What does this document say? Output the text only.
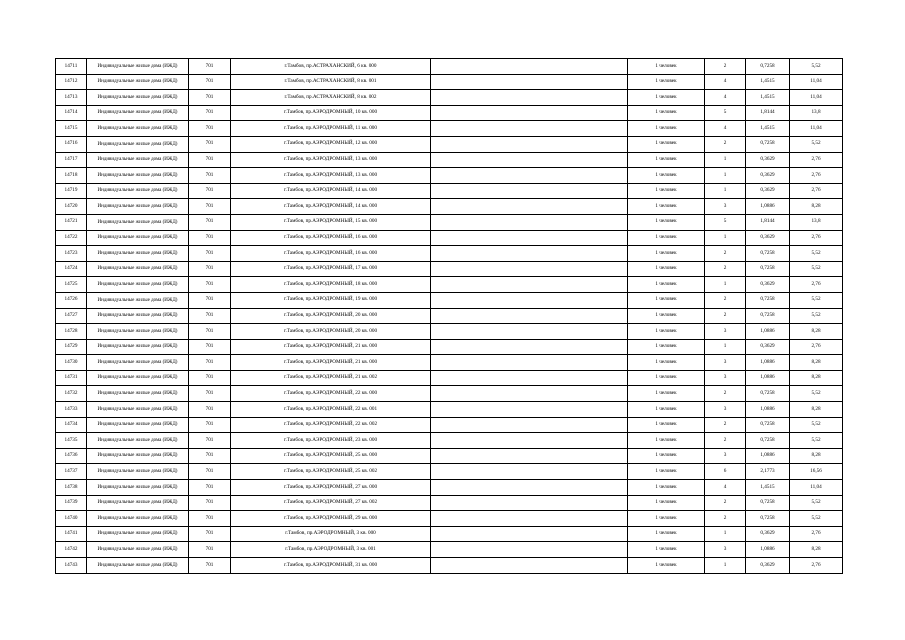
14711	Индивидуальные жилые дома (ИЖД)	701	г.Тамбов, пр.АСТРАХАНСКИЙ, 6 кв. 000		1 человек	2	0,7258	5,52
14712	Индивидуальные жилые дома (ИЖД)	701	г.Тамбов, пр.АСТРАХАНСКИЙ, 8 кв. 001		1 человек	4	1,4515	11,04
14713	Индивидуальные жилые дома (ИЖД)	701	г.Тамбов, пр.АСТРАХАНСКИЙ, 8 кв. 002		1 человек	4	1,4515	11,04
14714	Индивидуальные жилые дома (ИЖД)	701	г.Тамбов, пр.АЭРОДРОМНЫЙ, 10 кв. 000		1 человек	5	1,8144	13,8
14715	Индивидуальные жилые дома (ИЖД)	701	г.Тамбов, пр.АЭРОДРОМНЫЙ, 11 кв. 000		1 человек	4	1,4515	11,04
14716	Индивидуальные жилые дома (ИЖД)	701	г.Тамбов, пр.АЭРОДРОМНЫЙ, 12 кв. 000		1 человек	2	0,7258	5,52
14717	Индивидуальные жилые дома (ИЖД)	701	г.Тамбов, пр.АЭРОДРОМНЫЙ, 13 кв. 000		1 человек	1	0,3629	2,76
14718	Индивидуальные жилые дома (ИЖД)	701	г.Тамбов, пр.АЭРОДРОМНЫЙ, 13 кв. 000		1 человек	1	0,3629	2,76
14719	Индивидуальные жилые дома (ИЖД)	701	г.Тамбов, пр.АЭРОДРОМНЫЙ, 14 кв. 000		1 человек	1	0,3629	2,76
14720	Индивидуальные жилые дома (ИЖД)	701	г.Тамбов, пр.АЭРОДРОМНЫЙ, 14 кв. 000		1 человек	3	1,0886	8,28
14721	Индивидуальные жилые дома (ИЖД)	701	г.Тамбов, пр.АЭРОДРОМНЫЙ, 15 кв. 000		1 человек	5	1,8144	13,8
14722	Индивидуальные жилые дома (ИЖД)	701	г.Тамбов, пр.АЭРОДРОМНЫЙ, 16 кв. 000		1 человек	1	0,3629	2,76
14723	Индивидуальные жилые дома (ИЖД)	701	г.Тамбов, пр.АЭРОДРОМНЫЙ, 16 кв. 000		1 человек	2	0,7258	5,52
14724	Индивидуальные жилые дома (ИЖД)	701	г.Тамбов, пр.АЭРОДРОМНЫЙ, 17 кв. 000		1 человек	2	0,7258	5,52
14725	Индивидуальные жилые дома (ИЖД)	701	г.Тамбов, пр.АЭРОДРОМНЫЙ, 18 кв. 000		1 человек	1	0,3629	2,76
14726	Индивидуальные жилые дома (ИЖД)	701	г.Тамбов, пр.АЭРОДРОМНЫЙ, 19 кв. 000		1 человек	2	0,7258	5,52
14727	Индивидуальные жилые дома (ИЖД)	701	г.Тамбов, пр.АЭРОДРОМНЫЙ, 20 кв. 000		1 человек	2	0,7258	5,52
14728	Индивидуальные жилые дома (ИЖД)	701	г.Тамбов, пр.АЭРОДРОМНЫЙ, 20 кв. 000		1 человек	3	1,0886	8,28
14729	Индивидуальные жилые дома (ИЖД)	701	г.Тамбов, пр.АЭРОДРОМНЫЙ, 21 кв. 000		1 человек	1	0,3629	2,76
14730	Индивидуальные жилые дома (ИЖД)	701	г.Тамбов, пр.АЭРОДРОМНЫЙ, 21 кв. 000		1 человек	3	1,0886	8,28
14731	Индивидуальные жилые дома (ИЖД)	701	г.Тамбов, пр.АЭРОДРОМНЫЙ, 21 кв. 002		1 человек	3	1,0886	8,28
14732	Индивидуальные жилые дома (ИЖД)	701	г.Тамбов, пр.АЭРОДРОМНЫЙ, 22 кв. 000		1 человек	2	0,7258	5,52
14733	Индивидуальные жилые дома (ИЖД)	701	г.Тамбов, пр.АЭРОДРОМНЫЙ, 22 кв. 001		1 человек	3	1,0886	8,28
14734	Индивидуальные жилые дома (ИЖД)	701	г.Тамбов, пр.АЭРОДРОМНЫЙ, 22 кв. 002		1 человек	2	0,7258	5,52
14735	Индивидуальные жилые дома (ИЖД)	701	г.Тамбов, пр.АЭРОДРОМНЫЙ, 23 кв. 000		1 человек	2	0,7258	5,52
14736	Индивидуальные жилые дома (ИЖД)	701	г.Тамбов, пр.АЭРОДРОМНЫЙ, 25 кв. 000		1 человек	3	1,0886	8,28
14737	Индивидуальные жилые дома (ИЖД)	701	г.Тамбов, пр.АЭРОДРОМНЫЙ, 25 кв. 002		1 человек	6	2,1773	16,56
14738	Индивидуальные жилые дома (ИЖД)	701	г.Тамбов, пр.АЭРОДРОМНЫЙ, 27 кв. 000		1 человек	4	1,4515	11,04
14739	Индивидуальные жилые дома (ИЖД)	701	г.Тамбов, пр.АЭРОДРОМНЫЙ, 27 кв. 002		1 человек	2	0,7258	5,52
14740	Индивидуальные жилые дома (ИЖД)	701	г.Тамбов, пр.АЭРОДРОМНЫЙ, 29 кв. 000		1 человек	2	0,7258	5,52
14741	Индивидуальные жилые дома (ИЖД)	701	г.Тамбов, пр.АЭРОДРОМНЫЙ, 3 кв. 000		1 человек	1	0,3629	2,76
14742	Индивидуальные жилые дома (ИЖД)	701	г.Тамбов, пр.АЭРОДРОМНЫЙ, 3 кв. 001		1 человек	3	1,0886	8,28
14743	Индивидуальные жилые дома (ИЖД)	701	г.Тамбов, пр.АЭРОДРОМНЫЙ, 31 кв. 000		1 человек	1	0,3629	2,76
